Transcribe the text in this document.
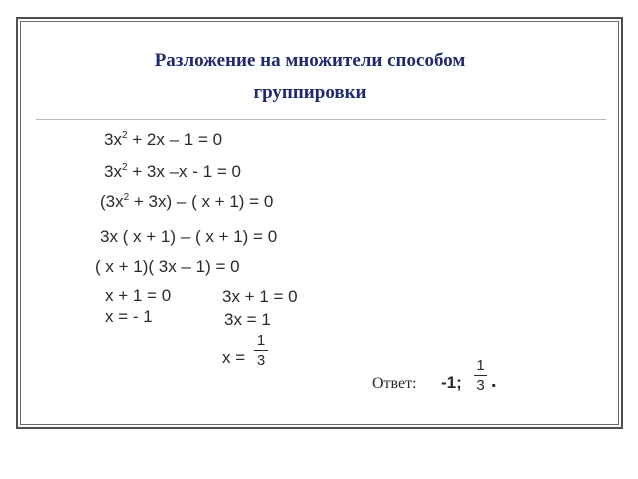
Разложение на множители способом
группировки
$3x^2 + 2x - 1 = 0$
$3x^2 + 3x$ –x - 1 = 0
$(3x^2 + 3x)$ – ( x + 1) = 0
3x ( x + 1) – ( x + 1) = 0
( x + 1)( 3x – 1) = 0
x + 1 = 0
x = - 1
3x + 1 = 0
3x = 1
x =
1
3
Ответ: -1;
1
3 .
